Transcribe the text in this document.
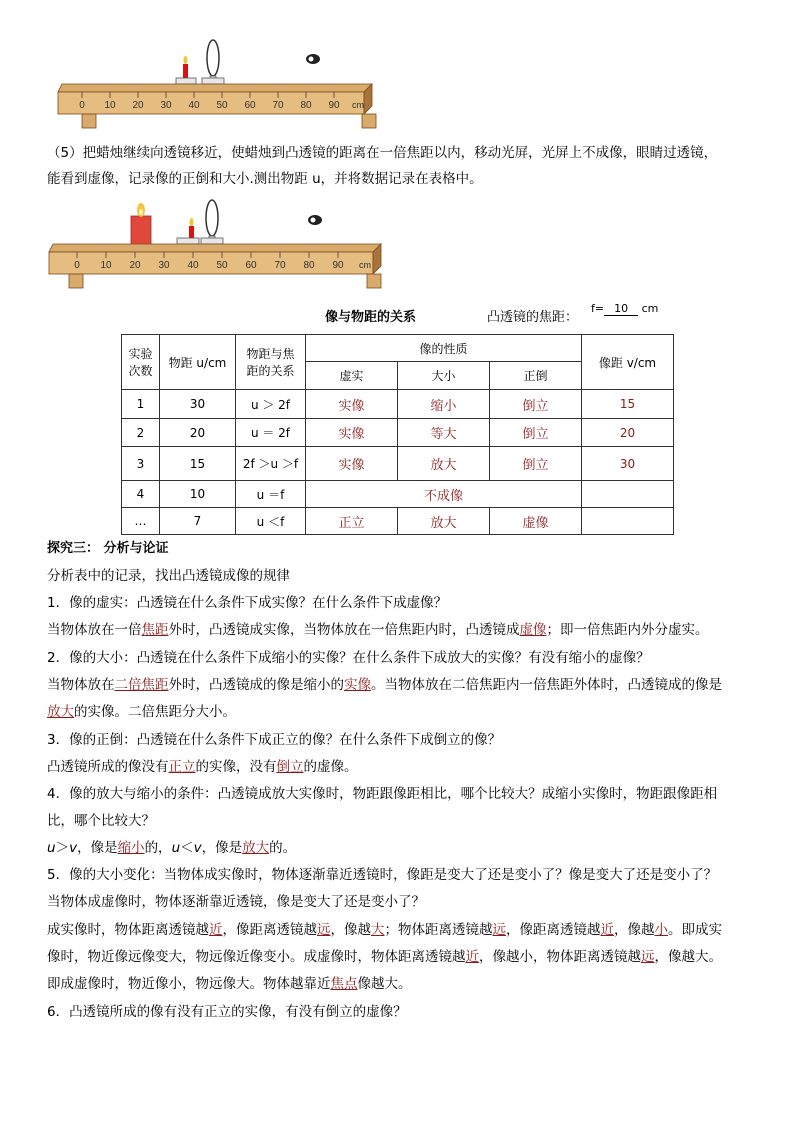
0 10 20 30 40 50 60 70 80 90 cm
（5）把蜡烛继续向透镜移近，使蜡烛到凸透镜的距离在一倍焦距以内，移动光屏，光屏上不成像，眼睛过透镜，
能看到虚像，记录像的正倒和大小.测出物距 u，并将数据记录在表格中。
0 10 20 30 40 50 60 70 80 90 cm
像与物距的关系	凸透镜的焦距：
f= 10 cm
实验
次数	物距 u/cm	物距与焦
距的关系	像的性质			像距 v/cm
			虚实	大小	正倒	
1	30	u ＞ 2f	实像	缩小	倒立	15
2	20	u ＝ 2f	实像	等大	倒立	20
3	15	2f ＞u ＞f	实像	放大	倒立	30
4	10	u ＝f	不成像			
…	7	u ＜f	正立	放大	虚像	
探究三： 分析与论证
分析表中的记录，找出凸透镜成像的规律
1．像的虚实：凸透镜在什么条件下成实像？在什么条件下成虚像？
当物体放在一倍焦距外时，凸透镜成实像，当物体放在一倍焦距内时，凸透镜成虚像；即一倍焦距内外分虚实。
2．像的大小：凸透镜在什么条件下成缩小的实像？在什么条件下成放大的实像？有没有缩小的虚像？
当物体放在二倍焦距外时，凸透镜成的像是缩小的实像。当物体放在二倍焦距内一倍焦距外体时，凸透镜成的像是
放大的实像。二倍焦距分大小。
3．像的正倒：凸透镜在什么条件下成正立的像？在什么条件下成倒立的像？
凸透镜所成的像没有正立的实像，没有倒立的虚像。
4．像的放大与缩小的条件：凸透镜成放大实像时，物距跟像距相比，哪个比较大？成缩小实像时，物距跟像距相
比，哪个比较大？
u＞v，像是缩小的，u＜v，像是放大的。
5．像的大小变化：当物体成实像时，物体逐渐靠近透镜时，像距是变大了还是变小了？像是变大了还是变小了？
当物体成虚像时，物体逐渐靠近透镜，像是变大了还是变小了？
成实像时，物体距离透镜越近，像距离透镜越远，像越大；物体距离透镜越远，像距离透镜越近，像越小。即成实
像时，物近像远像变大，物远像近像变小。成虚像时，物体距离透镜越近，像越小，物体距离透镜越远，像越大。
即成虚像时，物近像小，物远像大。物体越靠近焦点像越大。
6．凸透镜所成的像有没有正立的实像，有没有倒立的虚像？
